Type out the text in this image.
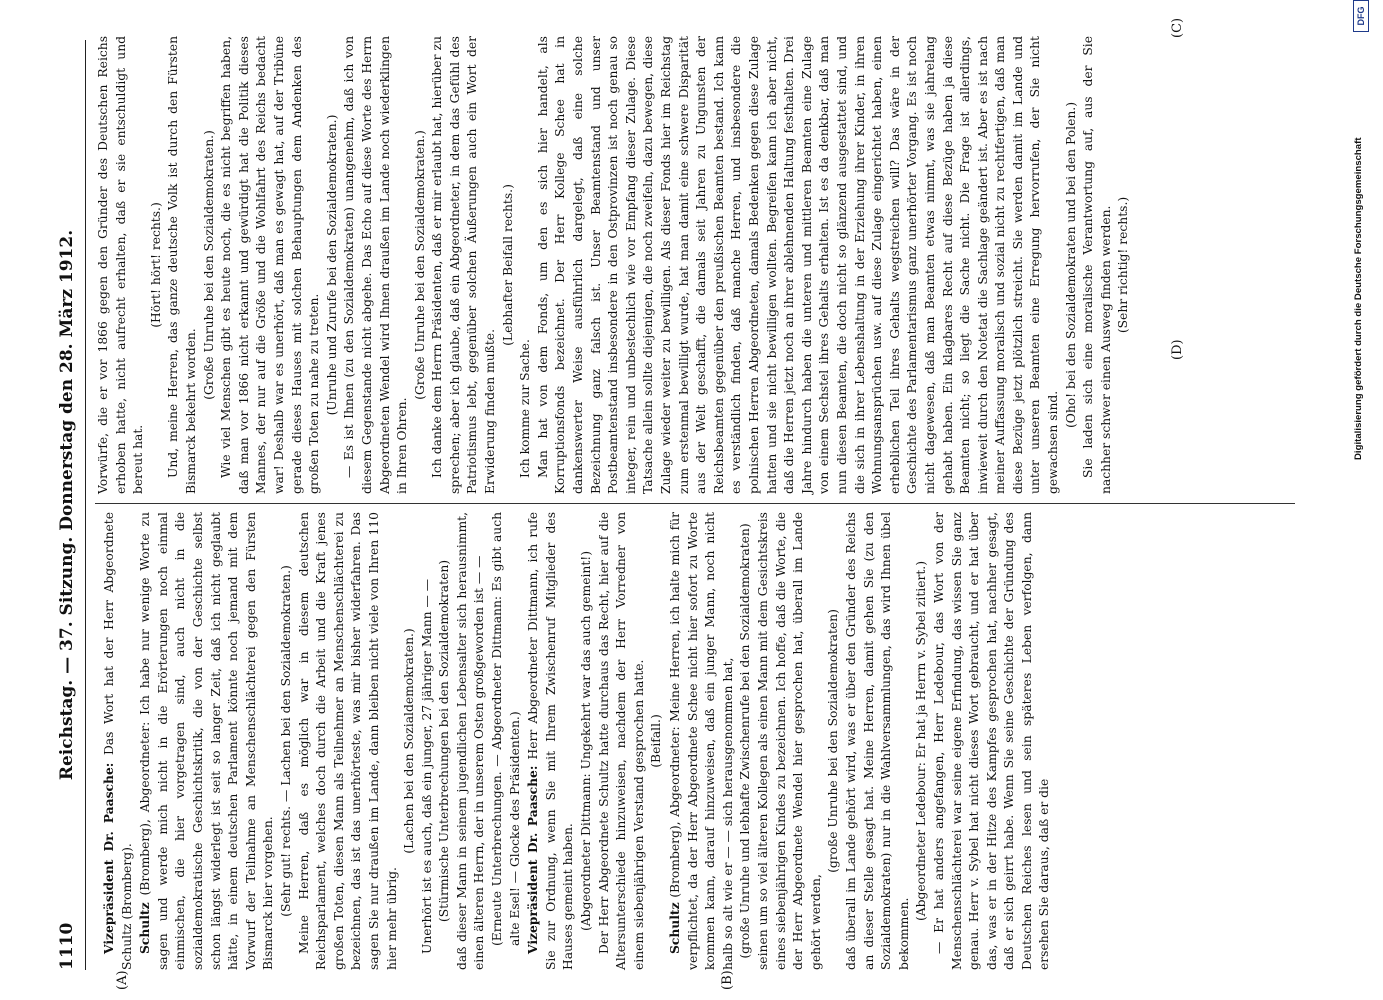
1110
Reichstag. — 37. Sitzung. Donnerstag den 28. März 1912.
(A)	(B)
(C)
(D)

Vizepräsident Dr. Paasche: Das Wort hat der Herr Abgeordnete Schultz (Bromberg). Schultz (Bromberg), Abgeordneter: Ich habe nur wenige Worte zu sagen und werde mich nicht in die Erörterungen noch einmal einmischen, die hier vorgetragen sind, auch nicht in die sozialdemokratische Geschichtskritik, die von der Geschichte selbst schon längst widerlegt ist seit so langer Zeit, daß ich nicht geglaubt hätte, in einem deutschen Parlament könnte noch jemand mit dem Vorwurf der Teilnahme an Menschenschlächterei gegen den Fürsten Bismarck hier vorgehen. (Sehr gut! rechts. — Lachen bei den Sozialdemokraten.) Meine Herren, daß es möglich war in diesem deutschen Reichsparlament, welches doch durch die Arbeit und die Kraft jenes großen Toten, diesen Mann als Teilnehmer an Menschenschlächterei zu bezeichnen, das ist das unerhörteste, was mir bisher widerfahren. Das sagen Sie nur draußen im Lande, dann bleiben nicht viele von Ihren 110 hier mehr übrig.

(Lachen bei den Sozialdemokraten.) Unerhört ist es auch, daß ein junger, 27 jähriger Mann — — (Stürmische Unterbrechungen bei den Sozialdemokraten) daß dieser Mann in seinem jugendlichen Lebensalter sich herausnimmt, einen älteren Herrn, der in unserem Osten großgeworden ist — — (Erneute Unterbrechungen. — Abgeordneter Dittmann: Es gibt auch alte Esel! — Glocke des Präsidenten.) Vizepräsident Dr. Paasche: Herr Abgeordneter Dittmann, ich rufe Sie zur Ordnung, wenn Sie mit Ihrem Zwischenruf Mitglieder des Hauses gemeint haben. (Abgeordneter Dittmann: Ungekehrt war das auch gemeint!) Der Herr Abgeordnete Schultz hatte durchaus das Recht, hier auf die Altersunterschiede hinzuweisen, nachdem der Herr Vorredner von einem siebenjährigen Verstand gesprochen hatte. (Beifall.)

Schultz (Bromberg), Abgeordneter: Meine Herren, ich halte mich für verpflichtet, da der Herr Abgeordnete Schee nicht hier sofort zu Worte kommen kann, darauf hinzuweisen, daß ein junger Mann, noch nicht halb so alt wie er — — sich herausgenommen hat, (große Unruhe und lebhafte Zwischenrufe bei den Sozialdemokraten) seinen um so viel älteren Kollegen als einen Mann mit dem Gesichtskreis eines siebenjährigen Kindes zu bezeichnen. Ich hoffe, daß die Worte, die der Herr Abgeordnete Wendel hier gesprochen hat, überall im Lande gehört werden,

(große Unruhe bei den Sozialdemokraten) daß überall im Lande gehört wird, was er über den Gründer des Reichs an dieser Stelle gesagt hat. Meine Herren, damit gehen Sie (zu den Sozialdemokraten) nur in die Wahlversammlungen, das wird Ihnen übel bekommen.

(Abgeordneter Ledebour: Er hat ja Herrn v. Sybel zitiert.) — Er hat anders angefangen, Herr Ledebour, das Wort von der Menschenschlächterei war seine eigene Erfindung, das wissen Sie ganz genau. Herr v. Sybel hat nicht dieses Wort gebraucht, und er hat über das, was er in der Hitze des Kampfes gesprochen hat, nachher gesagt, daß er sich geirrt habe. Wenn Sie seine Geschichte der Gründung des Deutschen Reiches lesen und sein späteres Leben verfolgen, dann ersehen Sie daraus, daß er die

Vorwürfe, die er vor 1866 gegen den Gründer des Deutschen Reichs erhoben hatte, nicht aufrecht erhalten, daß er sie entschuldigt und bereut hat.

(Hört! hört! rechts.) Und, meine Herren, das ganze deutsche Volk ist durch den Fürsten Bismarck bekehrt worden.

(Große Unruhe bei den Sozialdemokraten.) Wie viel Menschen gibt es heute noch, die es nicht begriffen haben, daß man vor 1866 nicht erkannt und gewürdigt hat die Politik dieses Mannes, der nur auf die Größe und die Wohlfahrt des Reichs bedacht war! Deshalb war es unerhört, daß man es gewagt hat, auf der Tribüne gerade dieses Hauses mit solchen Behauptungen dem Andenken des großen Toten zu nahe zu treten. (Unruhe und Zurufe bei den Sozialdemokraten.) — Es ist Ihnen (zu den Sozialdemokraten) unangenehm, daß ich von diesem Gegenstande nicht abgehe. Das Echo auf diese Worte des Herrn Abgeordneten Wendel wird Ihnen draußen im Lande noch wiederklingen in Ihren Ohren.

(Große Unruhe bei den Sozialdemokraten.) Ich danke dem Herrn Präsidenten, daß er mir erlaubt hat, hierüber zu sprechen; aber ich glaube, daß ein Abgeordneter, in dem das Gefühl des Patriotismus lebt, gegenüber solchen Äußerungen auch ein Wort der Erwiderung finden mußte.

(Lebhafter Beifall rechts.)

Ich komme zur Sache. Man hat von dem Fonds, um den es sich hier handelt, als Korruptionsfonds bezeichnet. Der Herr Kollege Schee hat in dankenswerter Weise ausführlich dargelegt, daß eine solche Bezeichnung ganz falsch ist. Unser Beamtenstand und unser Postbeamtenstand insbesondere in den Ostprovinzen ist noch genau so integer, rein und unbestechlich wie vor Empfang dieser Zulage. Diese Tatsache allein sollte diejenigen, die noch zweifeln, dazu bewegen, diese Zulage wieder weiter zu bewilligen. Als dieser Fonds hier im Reichstag zum erstenmal bewilligt wurde, hat man damit eine schwere Disparität aus der Welt geschafft, die damals seit Jahren zu Ungunsten der Reichsbeamten gegenüber den preußischen Beamten bestand. Ich kann es verständlich finden, daß manche Herren, und insbesondere die polnischen Herren Abgeordneten, damals Bedenken gegen diese Zulage hatten und sie nicht bewilligen wollten. Begreifen kann ich aber nicht, daß die Herren jetzt noch an ihrer ablehnenden Haltung festhalten. Drei Jahre hindurch haben die unteren und mittleren Beamten eine Zulage von einem Sechstel ihres Gehalts erhalten. Ist es da denkbar, daß man nun diesen Beamten, die doch nicht so glänzend ausgestattet sind, und die sich in ihrer Lebenshaltung in der Erziehung ihrer Kinder, in ihren Wohnungsansprüchen usw. auf diese Zulage eingerichtet haben, einen erheblichen Teil ihres Gehalts wegstreichen will? Das wäre in der Geschichte des Parlamentarismus ganz unerhörter Vorgang. Es ist noch nicht dagewesen, daß man Beamten etwas nimmt, was sie jahrelang gehabt haben. Ein klagbares Recht auf diese Bezüge haben ja diese Beamten nicht; so liegt die Sache nicht. Die Frage ist allerdings, inwieweit durch den Notetat die Sachlage geändert ist. Aber es ist nach meiner Auffassung moralisch und sozial nicht zu rechtfertigen, daß man diese Bezüge jetzt plötzlich streicht. Sie werden damit im Lande und unter unseren Beamten eine Erregung hervorrufen, der Sie nicht gewachsen sind.

(Oho! bei den Sozialdemokraten und bei den Polen.) Sie laden sich eine moralische Verantwortung auf, aus der Sie nachher schwer einen Ausweg finden werden. (Sehr richtig! rechts.)	Digitalisierung gefördert durch die Deutsche Forschungsgemeinschaft
DFG
